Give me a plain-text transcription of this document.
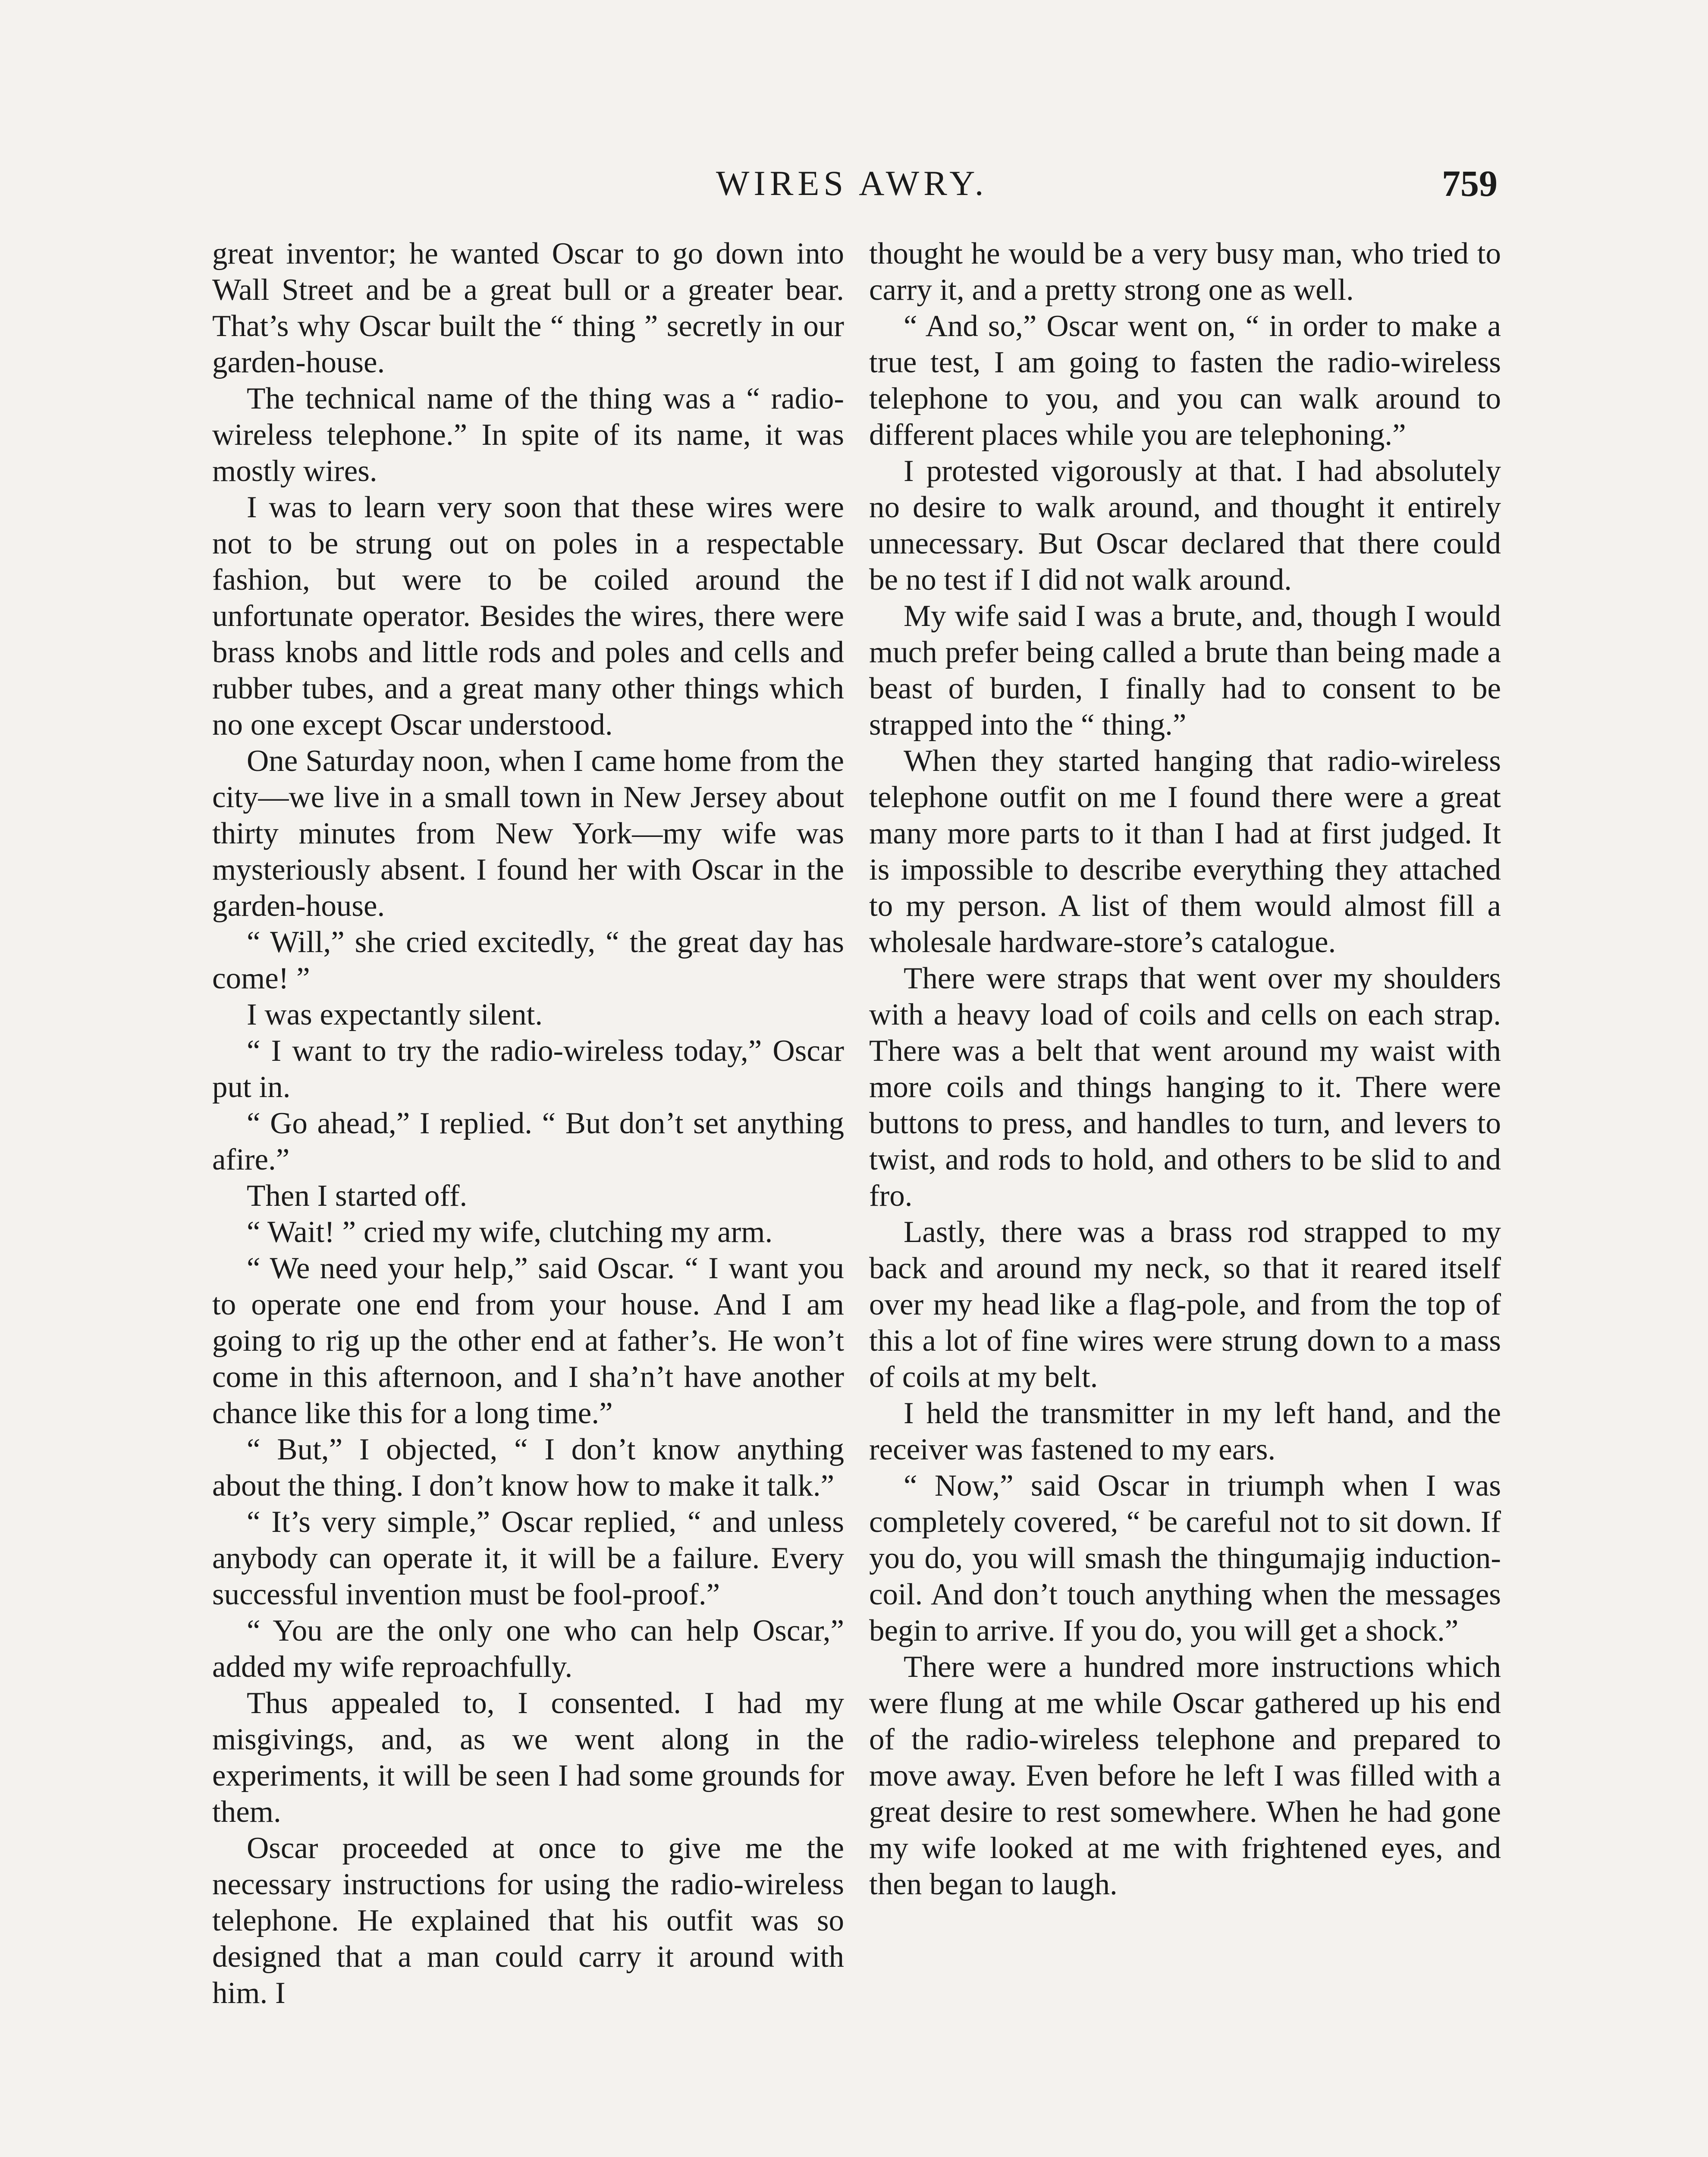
WIRES AWRY.	759

great inventor; he wanted Oscar to go down into Wall Street and be a great bull or a greater bear. That’s why Oscar built the “ thing ” secretly in our garden-house.

The technical name of the thing was a “ radio-wireless telephone.” In spite of its name, it was mostly wires.

I was to learn very soon that these wires were not to be strung out on poles in a respectable fashion, but were to be coiled around the unfortunate operator. Besides the wires, there were brass knobs and little rods and poles and cells and rubber tubes, and a great many other things which no one except Oscar understood.

One Saturday noon, when I came home from the city—we live in a small town in New Jersey about thirty minutes from New York—my wife was mysteriously absent. I found her with Oscar in the garden-house.

“ Will,” she cried excitedly, “ the great day has come! ”

I was expectantly silent.

“ I want to try the radio-wireless today,” Oscar put in.

“ Go ahead,” I replied. “ But don’t set anything afire.”

Then I started off.

“ Wait! ” cried my wife, clutching my arm.

“ We need your help,” said Oscar. “ I want you to operate one end from your house. And I am going to rig up the other end at father’s. He won’t come in this afternoon, and I sha’n’t have another chance like this for a long time.”

“ But,” I objected, “ I don’t know anything about the thing. I don’t know how to make it talk.”

“ It’s very simple,” Oscar replied, “ and unless anybody can operate it, it will be a failure. Every successful invention must be fool-proof.”

“ You are the only one who can help Oscar,” added my wife reproachfully.

Thus appealed to, I consented. I had my misgivings, and, as we went along in the experiments, it will be seen I had some grounds for them.

Oscar proceeded at once to give me the necessary instructions for using the radio-wireless telephone. He explained that his outfit was so designed that a man could carry it around with him. I

thought he would be a very busy man, who tried to carry it, and a pretty strong one as well.

“ And so,” Oscar went on, “ in order to make a true test, I am going to fasten the radio-wireless telephone to you, and you can walk around to different places while you are telephoning.”

I protested vigorously at that. I had absolutely no desire to walk around, and thought it entirely unnecessary. But Oscar declared that there could be no test if I did not walk around.

My wife said I was a brute, and, though I would much prefer being called a brute than being made a beast of burden, I finally had to consent to be strapped into the “ thing.”

When they started hanging that radio-wireless telephone outfit on me I found there were a great many more parts to it than I had at first judged. It is impossible to describe everything they attached to my person. A list of them would almost fill a wholesale hardware-store’s catalogue.

There were straps that went over my shoulders with a heavy load of coils and cells on each strap. There was a belt that went around my waist with more coils and things hanging to it. There were buttons to press, and handles to turn, and levers to twist, and rods to hold, and others to be slid to and fro.

Lastly, there was a brass rod strapped to my back and around my neck, so that it reared itself over my head like a flag-pole, and from the top of this a lot of fine wires were strung down to a mass of coils at my belt.

I held the transmitter in my left hand, and the receiver was fastened to my ears.

“ Now,” said Oscar in triumph when I was completely covered, “ be careful not to sit down. If you do, you will smash the thingumajig induction-coil. And don’t touch anything when the messages begin to arrive. If you do, you will get a shock.”

There were a hundred more instructions which were flung at me while Oscar gathered up his end of the radio-wireless telephone and prepared to move away. Even before he left I was filled with a great desire to rest somewhere. When he had gone my wife looked at me with frightened eyes, and then began to laugh.
